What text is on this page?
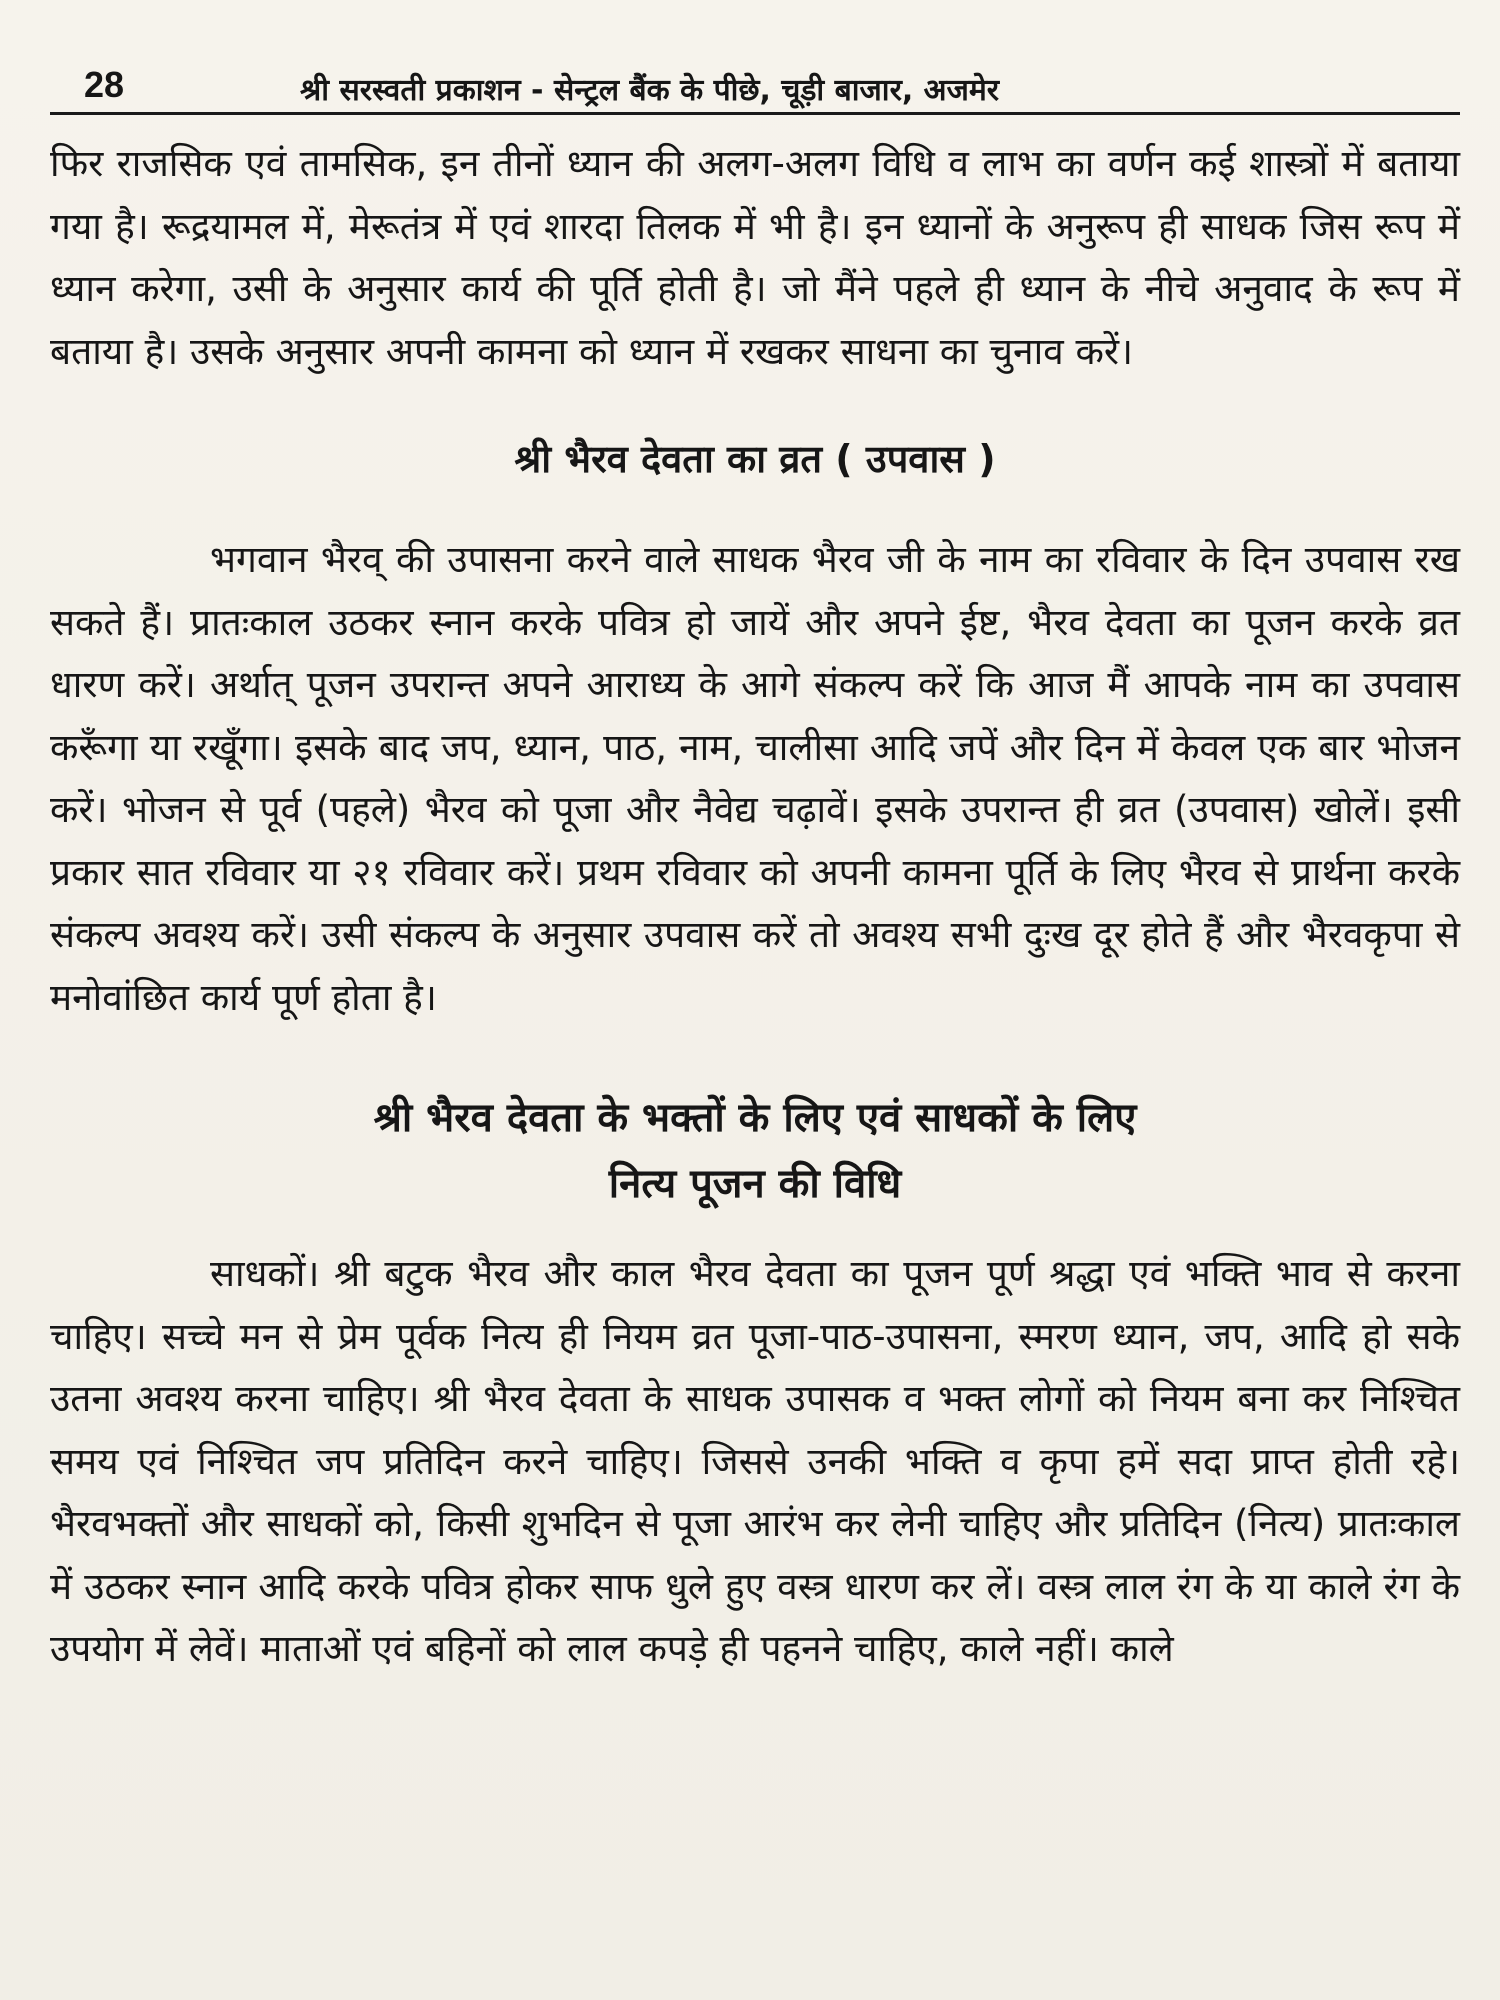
28	श्री सरस्वती प्रकाशन - सेन्ट्रल बैंक के पीछे, चूड़ी बाजार, अजमेर

फिर राजसिक एवं तामसिक, इन तीनों ध्यान की अलग-अलग विधि व लाभ का वर्णन कई शास्त्रों में बताया गया है। रूद्रयामल में, मेरूतंत्र में एवं शारदा तिलक में भी है। इन ध्यानों के अनुरूप ही साधक जिस रूप में ध्यान करेगा, उसी के अनुसार कार्य की पूर्ति होती है। जो मैंने पहले ही ध्यान के नीचे अनुवाद के रूप में बताया है। उसके अनुसार अपनी कामना को ध्यान में रखकर साधना का चुनाव करें।

श्री भैरव देवता का व्रत ( उपवास )

भगवान भैरव् की उपासना करने वाले साधक भैरव जी के नाम का रविवार के दिन उपवास रख सकते हैं। प्रातःकाल उठकर स्नान करके पवित्र हो जायें और अपने ईष्ट, भैरव देवता का पूजन करके व्रत धारण करें। अर्थात् पूजन उपरान्त अपने आराध्य के आगे संकल्प करें कि आज मैं आपके नाम का उपवास करूँगा या रखूँगा। इसके बाद जप, ध्यान, पाठ, नाम, चालीसा आदि जपें और दिन में केवल एक बार भोजन करें। भोजन से पूर्व (पहले) भैरव को पूजा और नैवेद्य चढ़ावें। इसके उपरान्त ही व्रत (उपवास) खोलें। इसी प्रकार सात रविवार या २१ रविवार करें। प्रथम रविवार को अपनी कामना पूर्ति के लिए भैरव से प्रार्थना करके संकल्प अवश्य करें। उसी संकल्प के अनुसार उपवास करें तो अवश्य सभी दुःख दूर होते हैं और भैरवकृपा से मनोवांछित कार्य पूर्ण होता है।

श्री भैरव देवता के भक्तों के लिए एवं साधकों के लिए
नित्य पूजन की विधि

साधकों। श्री बटुक भैरव और काल भैरव देवता का पूजन पूर्ण श्रद्धा एवं भक्ति भाव से करना चाहिए। सच्चे मन से प्रेम पूर्वक नित्य ही नियम व्रत पूजा-पाठ-उपासना, स्मरण ध्यान, जप, आदि हो सके उतना अवश्य करना चाहिए। श्री भैरव देवता के साधक उपासक व भक्त लोगों को नियम बना कर निश्चित समय एवं निश्चित जप प्रतिदिन करने चाहिए। जिससे उनकी भक्ति व कृपा हमें सदा प्राप्त होती रहे। भैरवभक्तों और साधकों को, किसी शुभदिन से पूजा आरंभ कर लेनी चाहिए और प्रतिदिन (नित्य) प्रातःकाल में उठकर स्नान आदि करके पवित्र होकर साफ धुले हुए वस्त्र धारण कर लें। वस्त्र लाल रंग के या काले रंग के उपयोग में लेवें। माताओं एवं बहिनों को लाल कपड़े ही पहनने चाहिए, काले नहीं। काले
